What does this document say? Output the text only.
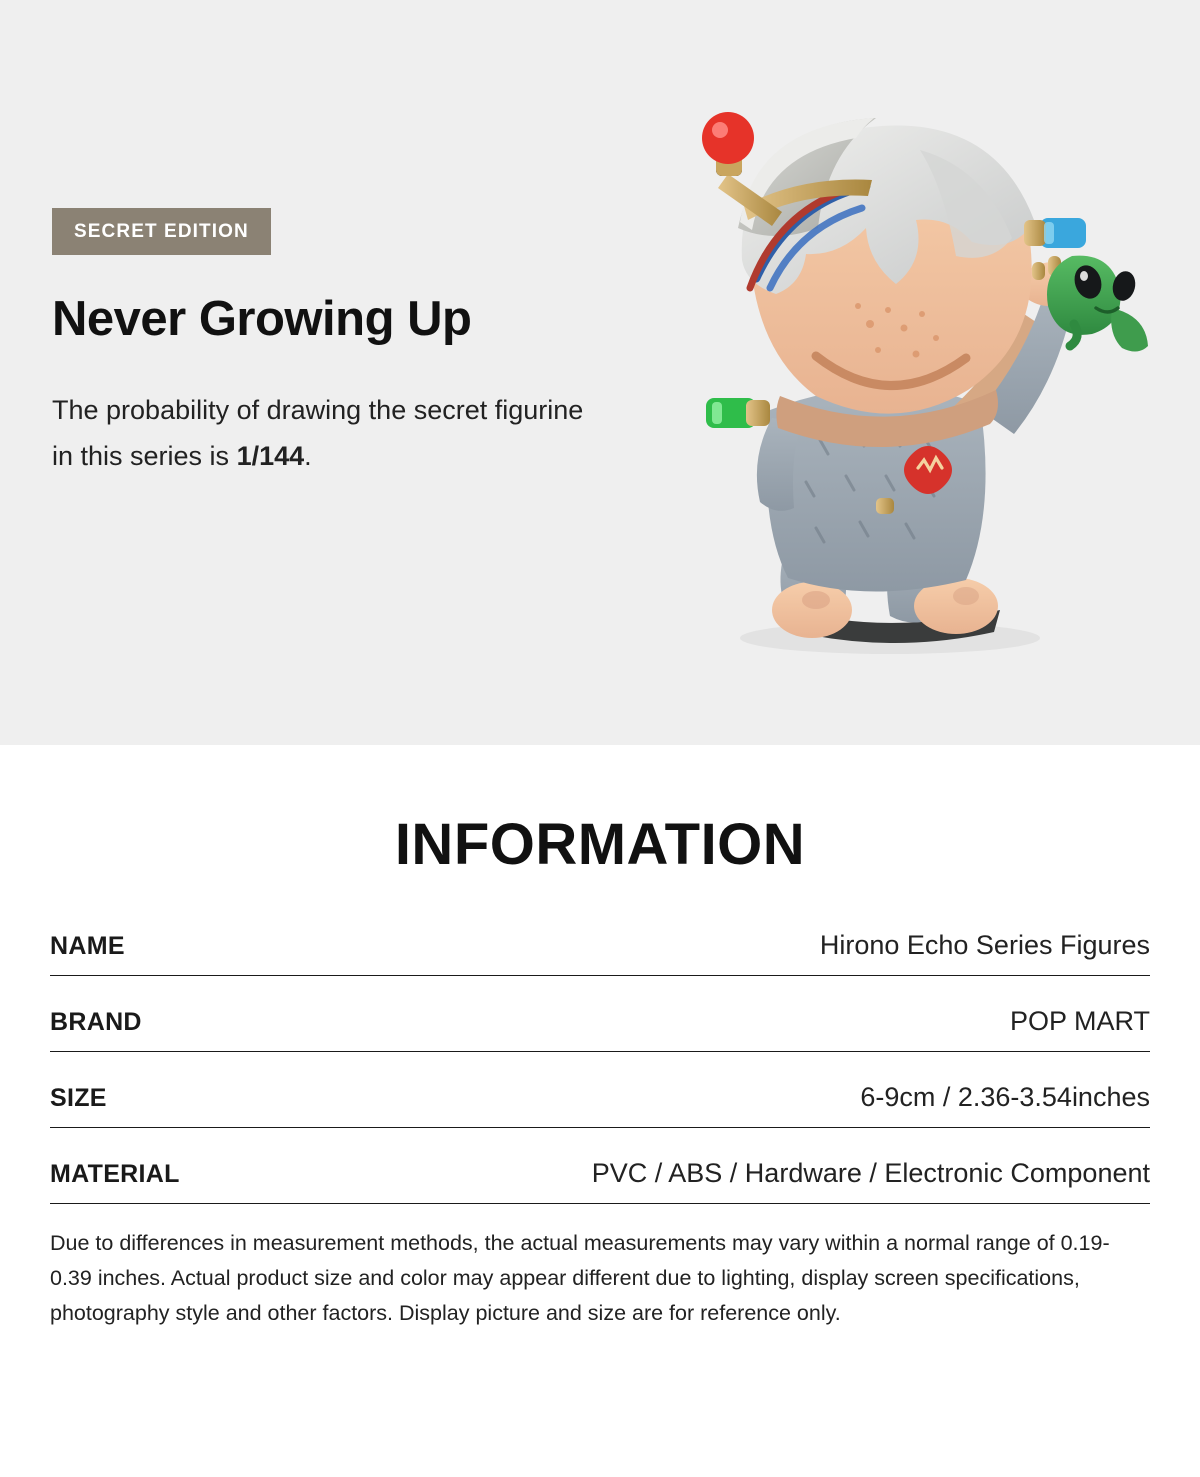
SECRET EDITION
Never Growing Up

The probability of drawing the secret figurine in this series is 1/144.

INFORMATION
NAME	Hirono Echo Series Figures
BRAND	POP MART
SIZE	6-9cm / 2.36-3.54inches
MATERIAL	PVC / ABS / Hardware / Electronic Component

Due to differences in measurement methods, the actual measurements may vary within a normal range of 0.19-0.39 inches. Actual product size and color may appear different due to lighting, display screen specifications, photography style and other factors. Display picture and size are for reference only.
